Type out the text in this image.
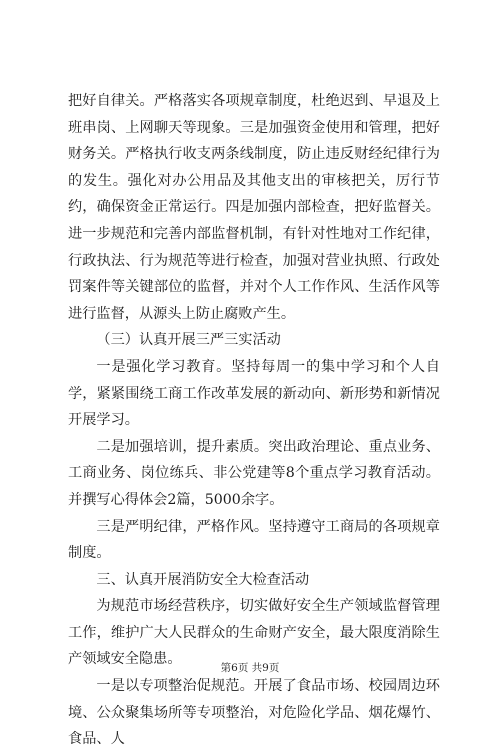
把好自律关。严格落实各项规章制度，杜绝迟到、早退及上班串岗、上网聊天等现象。三是加强资金使用和管理，把好财务关。严格执行收支两条线制度，防止违反财经纪律行为的发生。强化对办公用品及其他支出的审核把关，厉行节约，确保资金正常运行。四是加强内部检查，把好监督关。进一步规范和完善内部监督机制，有针对性地对工作纪律，行政执法、行为规范等进行检查，加强对营业执照、行政处罚案件等关键部位的监督，并对个人工作作风、生活作风等进行监督，从源头上防止腐败产生。

（三）认真开展三严三实活动

一是强化学习教育。坚持每周一的集中学习和个人自学，紧紧围绕工商工作改革发展的新动向、新形势和新情况开展学习。

二是加强培训，提升素质。突出政治理论、重点业务、工商业务、岗位练兵、非公党建等8个重点学习教育活动。并撰写心得体会2篇，5000余字。

三是严明纪律，严格作风。坚持遵守工商局的各项规章制度。

三、认真开展消防安全大检查活动

为规范市场经营秩序，切实做好安全生产领域监督管理工作，维护广大人民群众的生命财产安全，最大限度消除生产领域安全隐患。

一是以专项整治促规范。开展了食品市场、校园周边环境、公众聚集场所等专项整治，对危险化学品、烟花爆竹、食品、人

第6页 共9页
